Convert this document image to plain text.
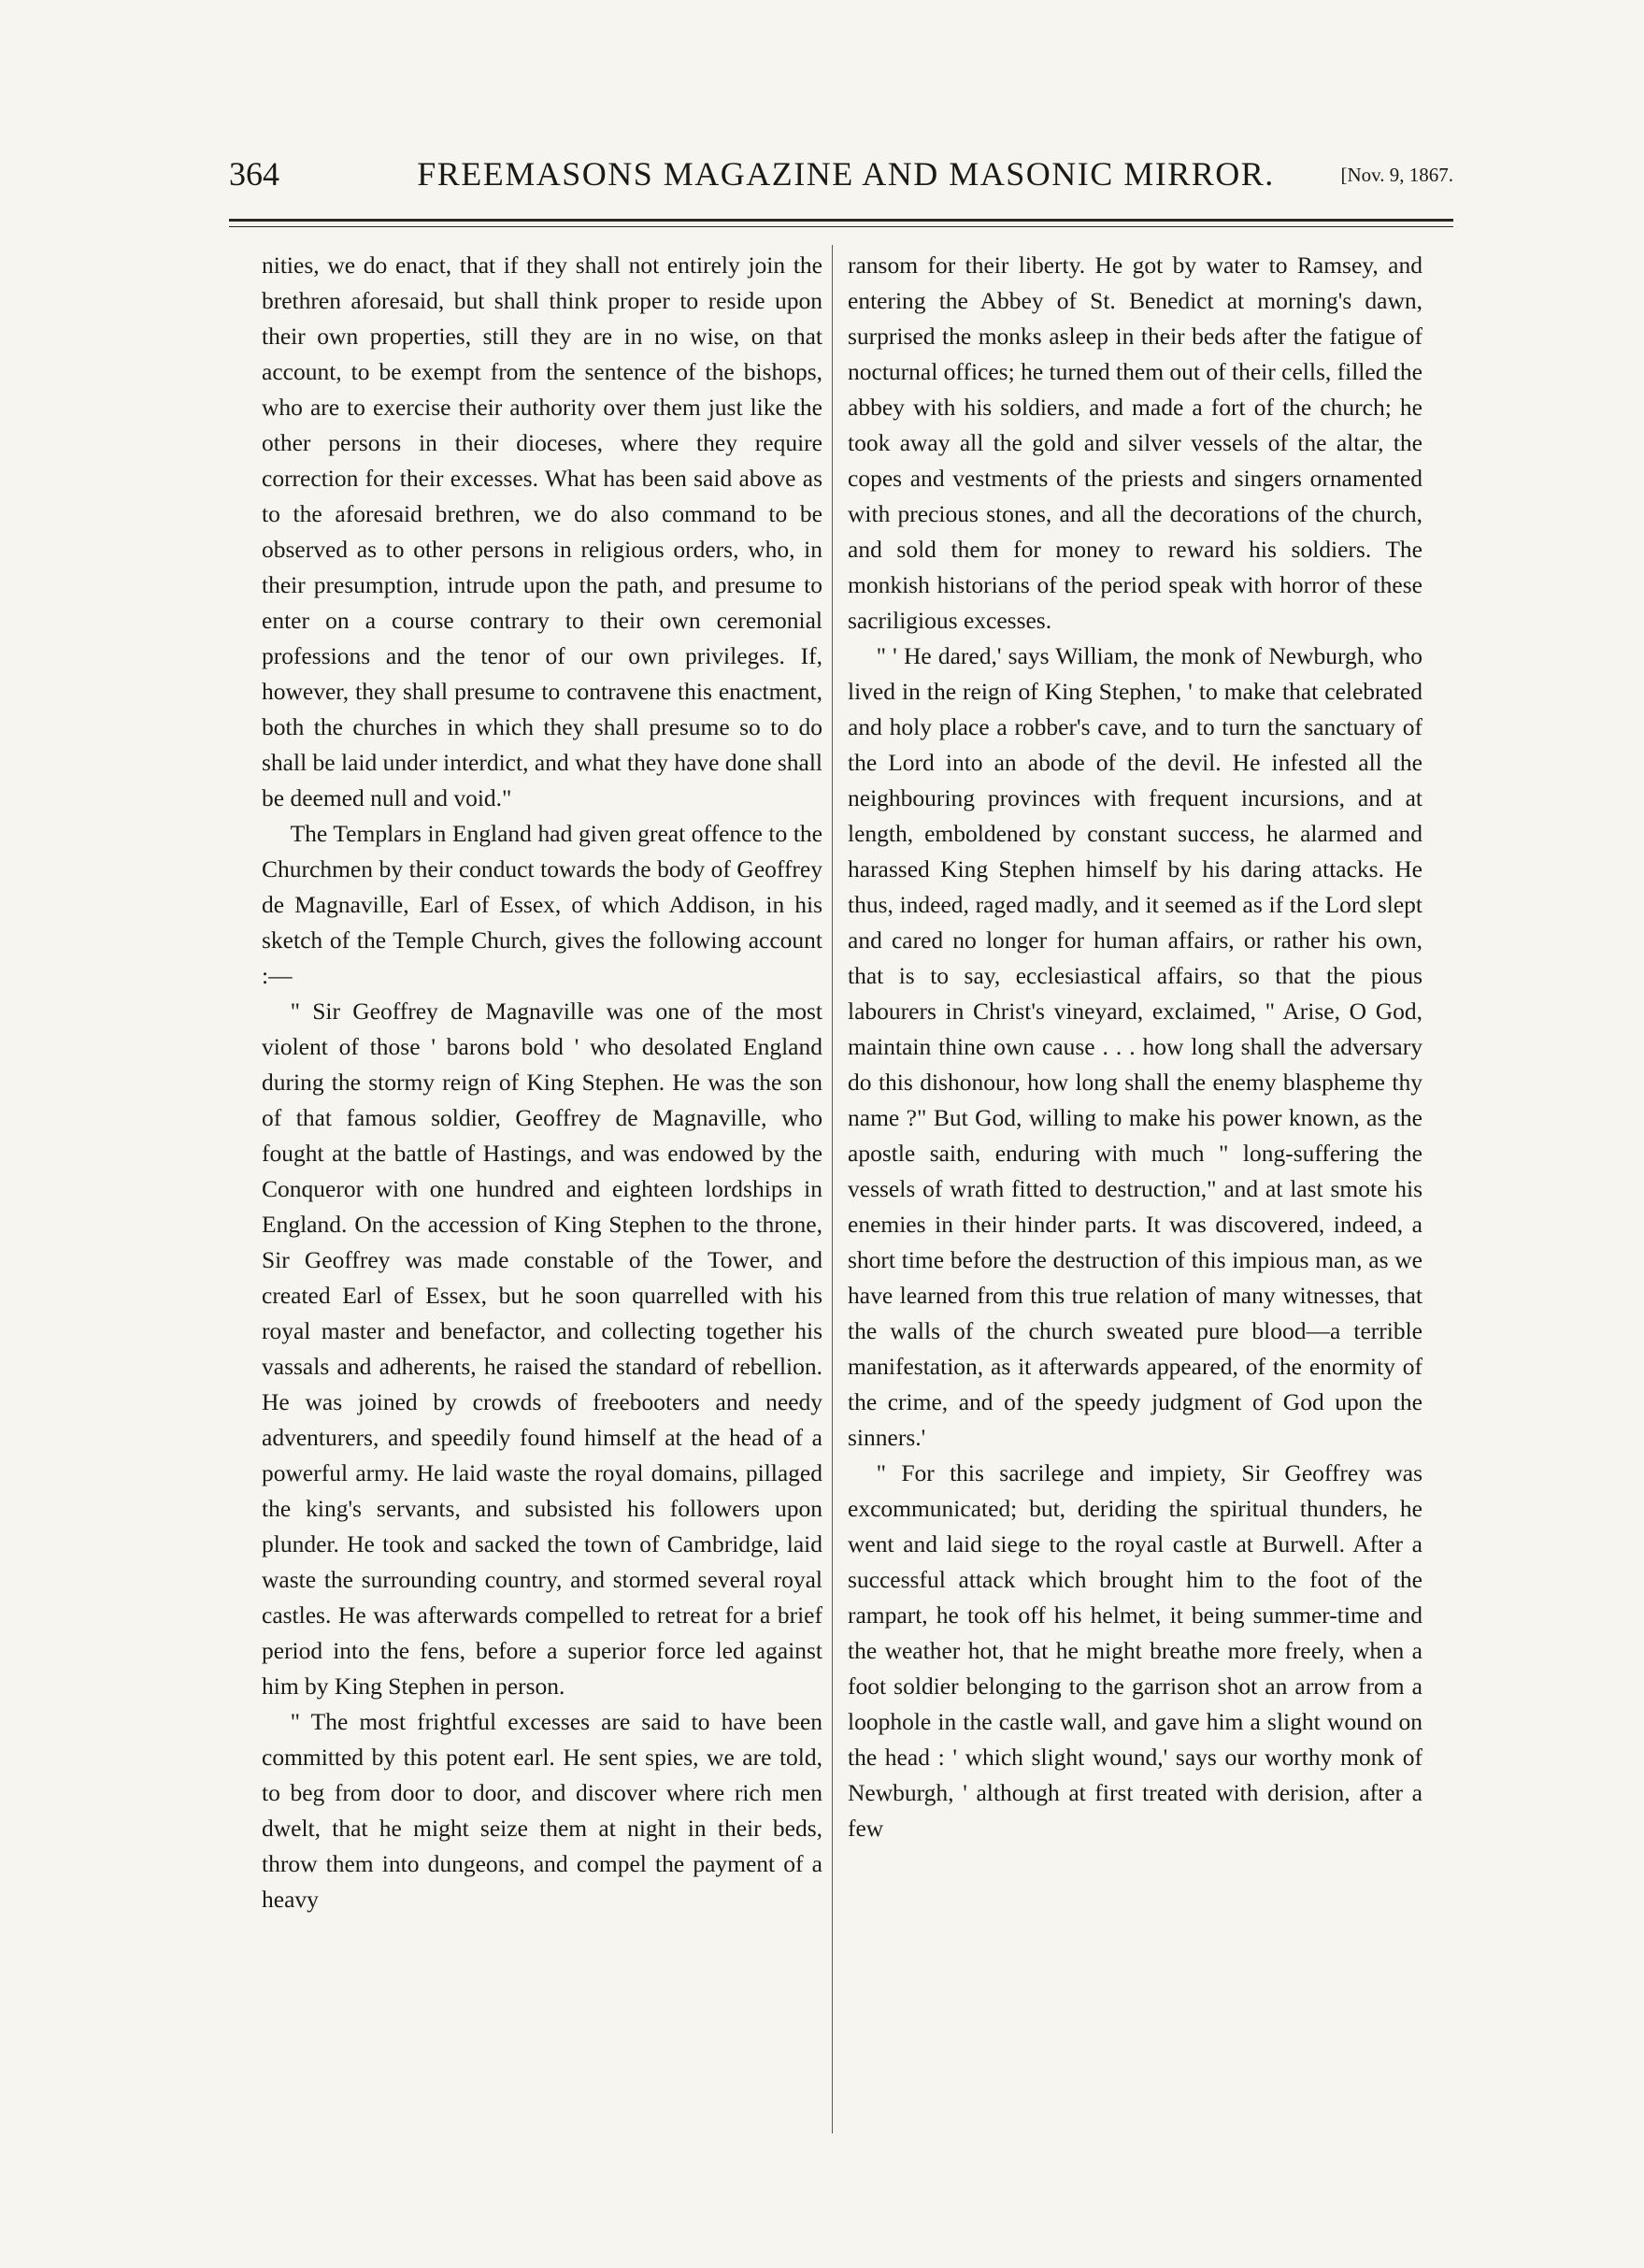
364	FREEMASONS MAGAZINE AND MASONIC MIRROR.	[Nov. 9, 1867.

nities, we do enact, that if they shall not entirely join the brethren aforesaid, but shall think proper to reside upon their own properties, still they are in no wise, on that account, to be exempt from the sentence of the bishops, who are to exercise their authority over them just like the other persons in their dioceses, where they require correction for their excesses. What has been said above as to the aforesaid brethren, we do also command to be observed as to other persons in religious orders, who, in their presumption, intrude upon the path, and presume to enter on a course contrary to their own ceremonial professions and the tenor of our own privileges. If, however, they shall presume to contravene this enactment, both the churches in which they shall presume so to do shall be laid under interdict, and what they have done shall be deemed null and void."

The Templars in England had given great offence to the Churchmen by their conduct towards the body of Geoffrey de Magnaville, Earl of Essex, of which Addison, in his sketch of the Temple Church, gives the following account :—

" Sir Geoffrey de Magnaville was one of the most violent of those ' barons bold ' who desolated England during the stormy reign of King Stephen. He was the son of that famous soldier, Geoffrey de Magnaville, who fought at the battle of Hastings, and was endowed by the Conqueror with one hundred and eighteen lordships in England. On the accession of King Stephen to the throne, Sir Geoffrey was made constable of the Tower, and created Earl of Essex, but he soon quarrelled with his royal master and benefactor, and collecting together his vassals and adherents, he raised the standard of rebellion. He was joined by crowds of freebooters and needy adventurers, and speedily found himself at the head of a powerful army. He laid waste the royal domains, pillaged the king's servants, and subsisted his followers upon plunder. He took and sacked the town of Cambridge, laid waste the surrounding country, and stormed several royal castles. He was afterwards compelled to retreat for a brief period into the fens, before a superior force led against him by King Stephen in person.

" The most frightful excesses are said to have been committed by this potent earl. He sent spies, we are told, to beg from door to door, and discover where rich men dwelt, that he might seize them at night in their beds, throw them into dungeons, and compel the payment of a heavy

ransom for their liberty. He got by water to Ramsey, and entering the Abbey of St. Benedict at morning's dawn, surprised the monks asleep in their beds after the fatigue of nocturnal offices; he turned them out of their cells, filled the abbey with his soldiers, and made a fort of the church; he took away all the gold and silver vessels of the altar, the copes and vestments of the priests and singers ornamented with precious stones, and all the decorations of the church, and sold them for money to reward his soldiers. The monkish historians of the period speak with horror of these sacriligious excesses.

" ' He dared,' says William, the monk of Newburgh, who lived in the reign of King Stephen, ' to make that celebrated and holy place a robber's cave, and to turn the sanctuary of the Lord into an abode of the devil. He infested all the neighbouring provinces with frequent incursions, and at length, emboldened by constant success, he alarmed and harassed King Stephen himself by his daring attacks. He thus, indeed, raged madly, and it seemed as if the Lord slept and cared no longer for human affairs, or rather his own, that is to say, ecclesiastical affairs, so that the pious labourers in Christ's vineyard, exclaimed, " Arise, O God, maintain thine own cause . . . how long shall the adversary do this dishonour, how long shall the enemy blaspheme thy name ?" But God, willing to make his power known, as the apostle saith, enduring with much " long-suffering the vessels of wrath fitted to destruction," and at last smote his enemies in their hinder parts. It was discovered, indeed, a short time before the destruction of this impious man, as we have learned from this true relation of many witnesses, that the walls of the church sweated pure blood—a terrible manifestation, as it afterwards appeared, of the enormity of the crime, and of the speedy judgment of God upon the sinners.'

" For this sacrilege and impiety, Sir Geoffrey was excommunicated; but, deriding the spiritual thunders, he went and laid siege to the royal castle at Burwell. After a successful attack which brought him to the foot of the rampart, he took off his helmet, it being summer-time and the weather hot, that he might breathe more freely, when a foot soldier belonging to the garrison shot an arrow from a loophole in the castle wall, and gave him a slight wound on the head : ' which slight wound,' says our worthy monk of Newburgh, ' although at first treated with derision, after a few
